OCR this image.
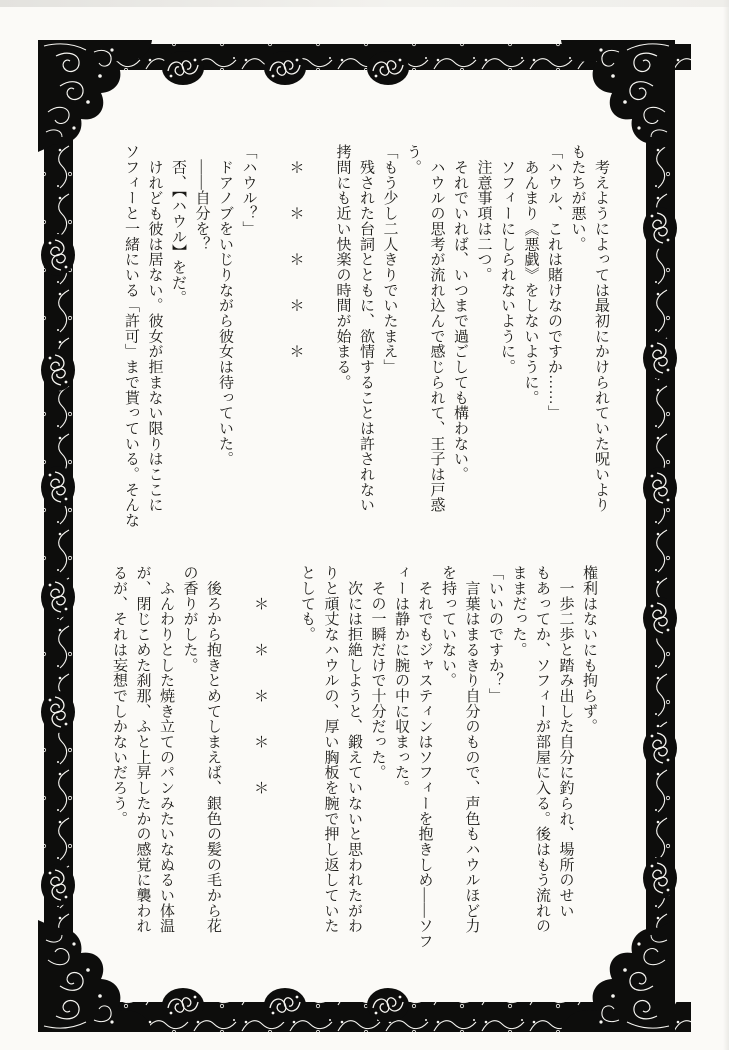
　考えようによっては最初にかけられていた呪いより
もたちが悪い。
「ハウル、これは賭けなのですか……」
　あんまり《悪戯》をしないように。
　ソフィーにしられないように。
　注意事項は二つ。
　それでいれば、いつまで過ごしても構わない。
　ハウルの思考が流れ込んで感じられて、王子は戸惑
う。
「もう少し二人きりでいたまえ」
　残された台詞とともに、欲情することは許されない
拷問にも近い快楽の時間が始まる。

　＊　　＊　　＊　　＊　　＊

「ハウル？」
　ドアノブをいじりながら彼女は待っていた。
　——自分を？
　否、【ハウル】をだ。
　けれども彼は居ない。彼女が拒まない限りはここに
ソフィーと一緒にいる「許可」まで貰っている。そんな
権利はないにも拘らず。
　一歩二歩と踏み出した自分に釣られ、場所のせい
もあってか、ソフィーが部屋に入る。後はもう流れの
ままだった。
「いいのですか？」
　言葉はまるきり自分のもので、声色もハウルほど力
を持っていない。
　それでもジャスティンはソフィーを抱きしめ——ソフ
ィーは静かに腕の中に収まった。
　その一瞬だけで十分だった。
　次には拒絶しようと、鍛えていないと思われたがわ
りと頑丈なハウルの、厚い胸板を腕で押し返していた
としても。

　　＊　　＊　　＊　　＊　　＊

　後ろから抱きとめてしまえば、銀色の髪の毛から花
の香りがした。
　ふんわりとした焼き立てのパンみたいなぬるい体温
が、閉じこめた刹那、ふと上昇したかの感覚に襲われ
るが、それは妄想でしかないだろう。
